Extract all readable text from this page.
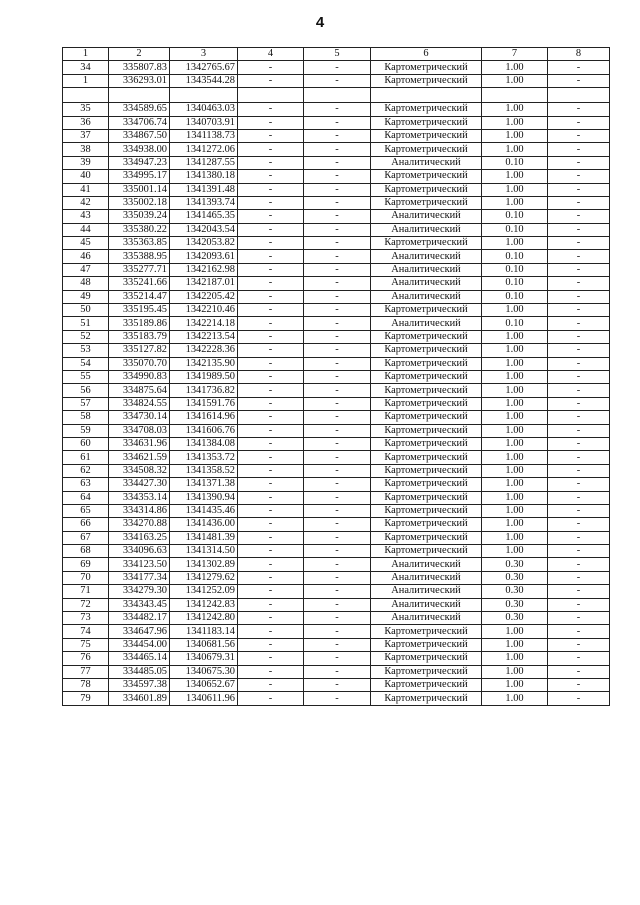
4
1	2	3	4	5	6	7	8
34	335807.83	1342765.67	-	-	Картометрический	1.00	-
1	336293.01	1343544.28	-	-	Картометрический	1.00	-

35	334589.65	1340463.03	-	-	Картометрический	1.00	-
36	334706.74	1340703.91	-	-	Картометрический	1.00	-
37	334867.50	1341138.73	-	-	Картометрический	1.00	-
38	334938.00	1341272.06	-	-	Картометрический	1.00	-
39	334947.23	1341287.55	-	-	Аналитический	0.10	-
40	334995.17	1341380.18	-	-	Картометрический	1.00	-
41	335001.14	1341391.48	-	-	Картометрический	1.00	-
42	335002.18	1341393.74	-	-	Картометрический	1.00	-
43	335039.24	1341465.35	-	-	Аналитический	0.10	-
44	335380.22	1342043.54	-	-	Аналитический	0.10	-
45	335363.85	1342053.82	-	-	Картометрический	1.00	-
46	335388.95	1342093.61	-	-	Аналитический	0.10	-
47	335277.71	1342162.98	-	-	Аналитический	0.10	-
48	335241.66	1342187.01	-	-	Аналитический	0.10	-
49	335214.47	1342205.42	-	-	Аналитический	0.10	-
50	335195.45	1342210.46	-	-	Картометрический	1.00	-
51	335189.86	1342214.18	-	-	Аналитический	0.10	-
52	335183.79	1342213.54	-	-	Картометрический	1.00	-
53	335127.82	1342228.36	-	-	Картометрический	1.00	-
54	335070.70	1342135.90	-	-	Картометрический	1.00	-
55	334990.83	1341989.50	-	-	Картометрический	1.00	-
56	334875.64	1341736.82	-	-	Картометрический	1.00	-
57	334824.55	1341591.76	-	-	Картометрический	1.00	-
58	334730.14	1341614.96	-	-	Картометрический	1.00	-
59	334708.03	1341606.76	-	-	Картометрический	1.00	-
60	334631.96	1341384.08	-	-	Картометрический	1.00	-
61	334621.59	1341353.72	-	-	Картометрический	1.00	-
62	334508.32	1341358.52	-	-	Картометрический	1.00	-
63	334427.30	1341371.38	-	-	Картометрический	1.00	-
64	334353.14	1341390.94	-	-	Картометрический	1.00	-
65	334314.86	1341435.46	-	-	Картометрический	1.00	-
66	334270.88	1341436.00	-	-	Картометрический	1.00	-
67	334163.25	1341481.39	-	-	Картометрический	1.00	-
68	334096.63	1341314.50	-	-	Картометрический	1.00	-
69	334123.50	1341302.89	-	-	Аналитический	0.30	-
70	334177.34	1341279.62	-	-	Аналитический	0.30	-
71	334279.30	1341252.09	-	-	Аналитический	0.30	-
72	334343.45	1341242.83	-	-	Аналитический	0.30	-
73	334482.17	1341242.80	-	-	Аналитический	0.30	-
74	334647.96	1341183.14	-	-	Картометрический	1.00	-
75	334454.00	1340681.56	-	-	Картометрический	1.00	-
76	334465.14	1340679.31	-	-	Картометрический	1.00	-
77	334485.05	1340675.30	-	-	Картометрический	1.00	-
78	334597.38	1340652.67	-	-	Картометрический	1.00	-
79	334601.89	1340611.96	-	-	Картометрический	1.00	-
